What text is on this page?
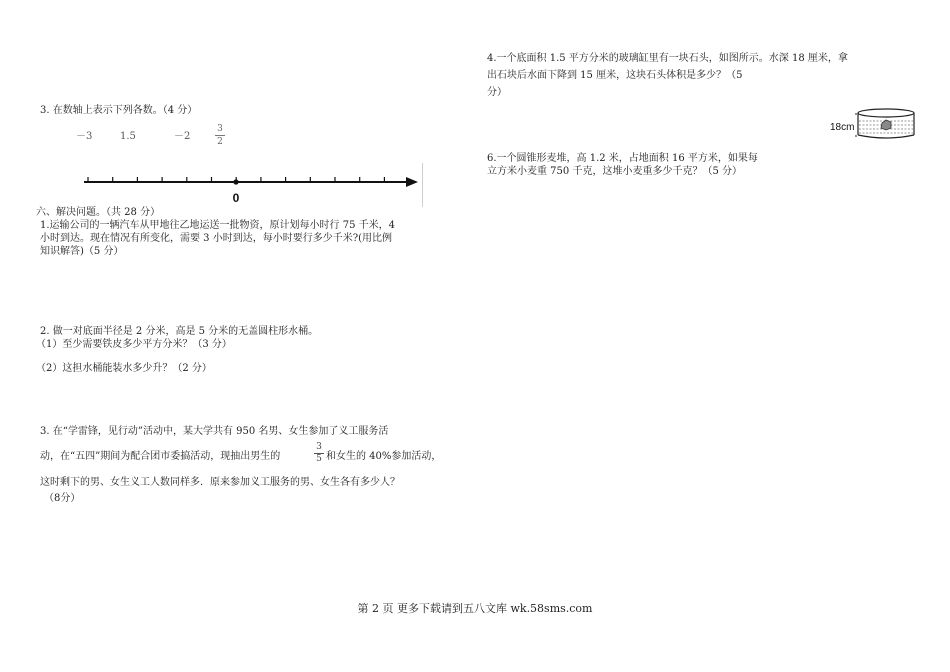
3. 在数轴上表示下列各数。（4 分）
－3	1.5	－2
3
2
0
六、解决问题。（共 28 分）
1.运输公司的一辆汽车从甲地往乙地运送一批物资，原计划每小时行 75 千米，4
小时到达。现在情况有所变化，需要 3 小时到达，每小时要行多少千米?(用比例
知识解答)（5 分）
2. 做一对底面半径是 2 分米，高是 5 分米的无盖圆柱形水桶。
（1）至少需要铁皮多少平方分米？（3 分）
（2）这担水桶能装水多少升？（2 分）
3. 在“学雷锋，见行动”活动中，某大学共有 950 名男、女生参加了义工服务活
动，在“五四”期间为配合团市委搞活动，现抽出男生的
3
5 和女生的 40%参加活动，
这时剩下的男、女生义工人数同样多．原来参加义工服务的男、女生各有多少人？
（8分）
4.一个底面积 1.5 平方分米的玻璃缸里有一块石头，如图所示。水深 18 厘米，拿
出石块后水面下降到 15 厘米，这块石头体积是多少？（5
分）
18cm
6.一个圆锥形麦堆，高 1.2 米，占地面积 16 平方米，如果每
立方米小麦重 750 千克，这堆小麦重多少千克？（5 分）
第 2 页 更多下载请到五八文库 wk.58sms.com
